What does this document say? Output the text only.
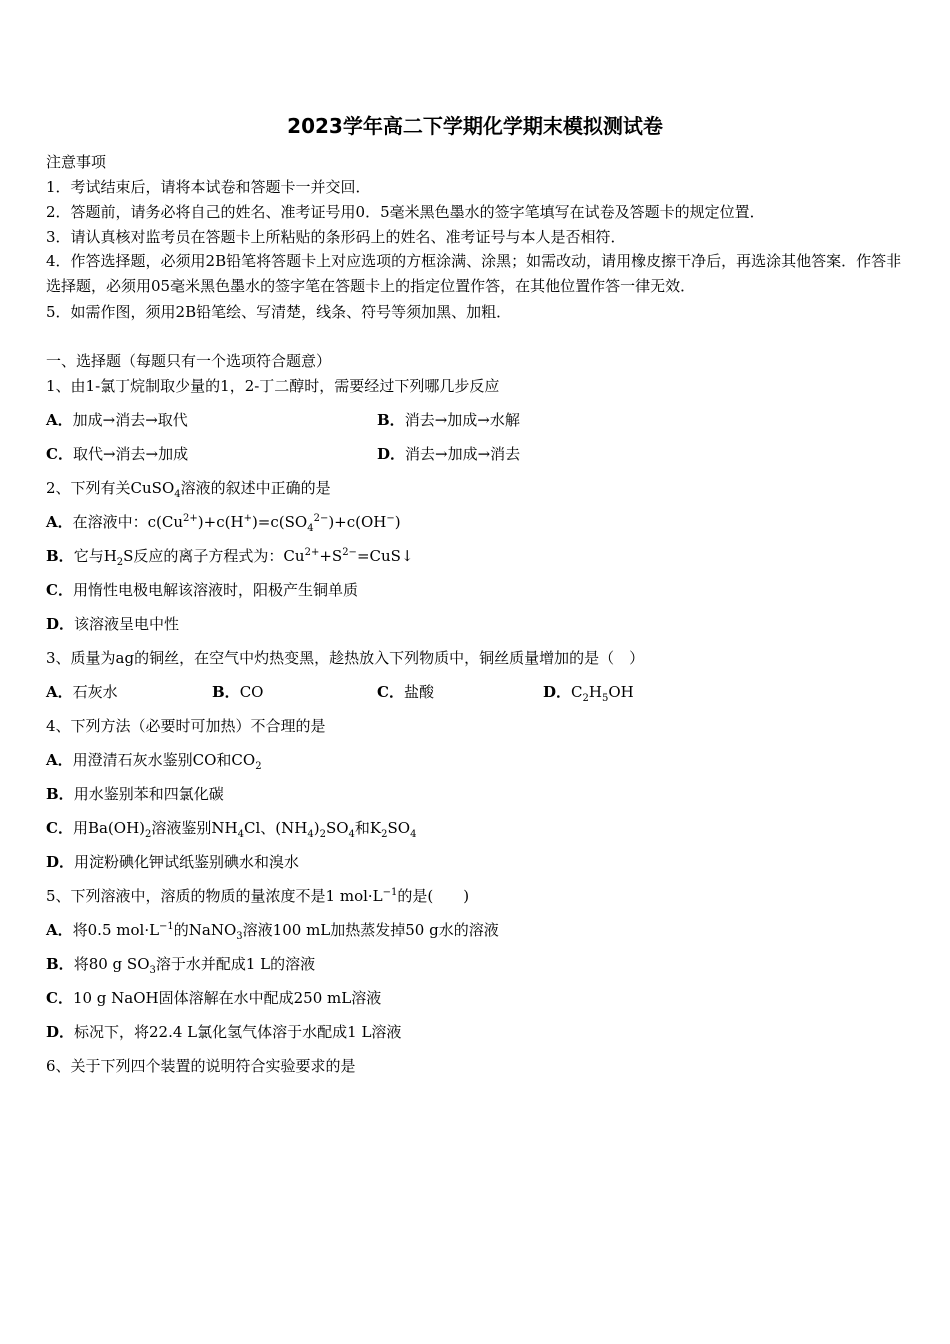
2023学年高二下学期化学期末模拟测试卷
注意事项
1．考试结束后，请将本试卷和答题卡一并交回．
2．答题前，请务必将自己的姓名、准考证号用0．5毫米黑色墨水的签字笔填写在试卷及答题卡的规定位置．
3．请认真核对监考员在答题卡上所粘贴的条形码上的姓名、准考证号与本人是否相符．
4．作答选择题，必须用2B铅笔将答题卡上对应选项的方框涂满、涂黑；如需改动，请用橡皮擦干净后，再选涂其他答案．作答非选择题，必须用05毫米黑色墨水的签字笔在答题卡上的指定位置作答，在其他位置作答一律无效．
5．如需作图，须用2B铅笔绘、写清楚，线条、符号等须加黑、加粗．
一、选择题（每题只有一个选项符合题意）
1、由1-氯丁烷制取少量的1，2-丁二醇时，需要经过下列哪几步反应
A．加成→消去→取代	B．消去→加成→水解
C．取代→消去→加成	D．消去→加成→消去
2、下列有关CuSO$_4$溶液的叙述中正确的是
A．在溶液中：$c(Cu^{2+})+c(H^+)=c(SO_4^{2-})+c(OH^-)$
B．它与$H_2S$反应的离子方程式为：$Cu^{2+}+S^{2-}=CuS↓$
C．用惰性电极电解该溶液时，阳极产生铜单质
D．该溶液呈电中性
3、质量为ag的铜丝，在空气中灼热变黑，趁热放入下列物质中，铜丝质量增加的是（　）
A．石灰水	B．CO	C．盐酸	D．$C_2H_5OH$
4、下列方法（必要时可加热）不合理的是
A．用澄清石灰水鉴别CO和$CO_2$
B．用水鉴别苯和四氯化碳
C．用$Ba(OH)_2$溶液鉴别$NH_4Cl$、$(NH_4)_2SO_4$和$K_2SO_4$
D．用淀粉碘化钾试纸鉴别碘水和溴水
5、下列溶液中，溶质的物质的量浓度不是1 $mol\cdot L^{-1}$的是(　　)
A．将0.5 $mol\cdot L^{-1}$的NaNO$_3$溶液100 mL加热蒸发掉50 g水的溶液
B．将80 g $SO_3$溶于水并配成1 L的溶液
C．10 g NaOH固体溶解在水中配成250 mL溶液
D．标况下，将22.4 L氯化氢气体溶于水配成1 L溶液
6、关于下列四个装置的说明符合实验要求的是
